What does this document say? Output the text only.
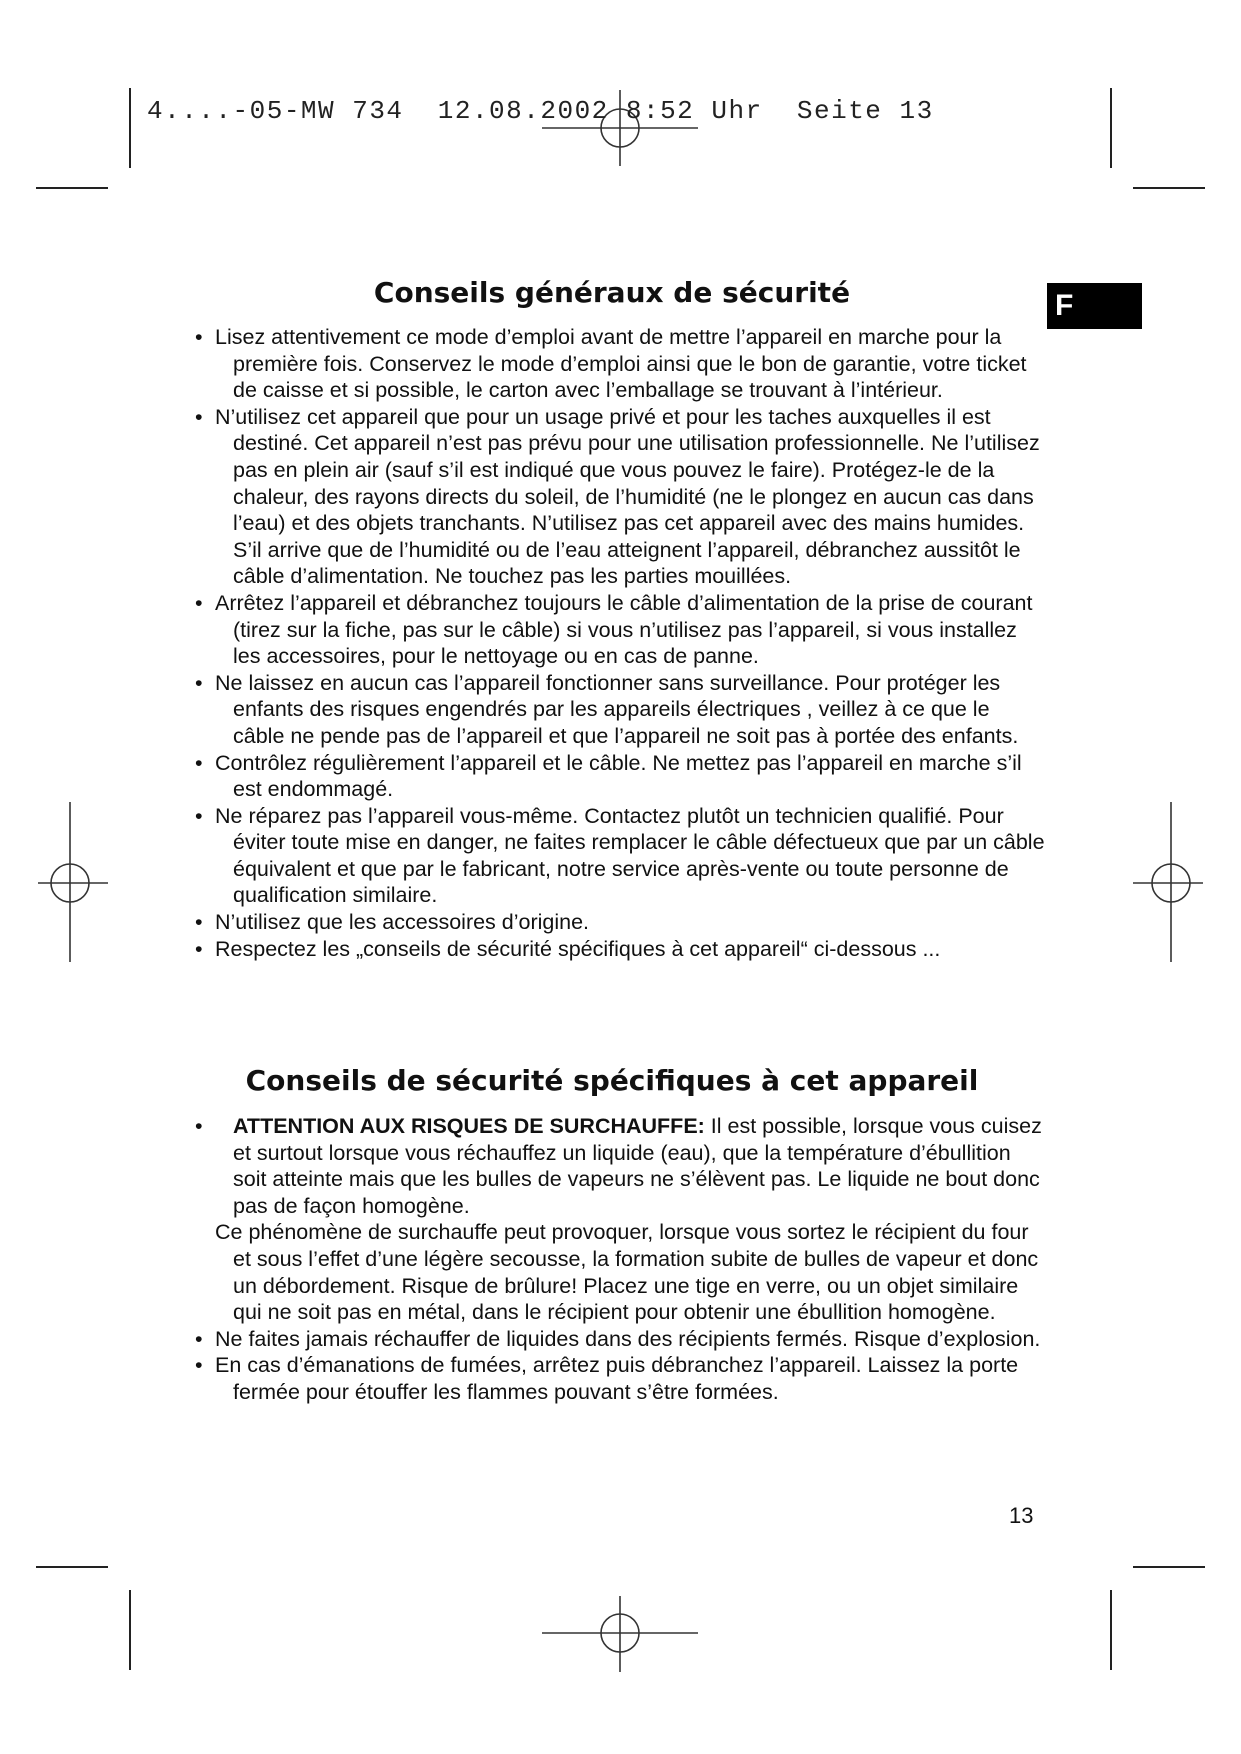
4....-05-MW 734  12.08.2002 8:52 Uhr  Seite 13
F
Conseils généraux de sécurité
• Lisez attentivement ce mode d’emploi avant de mettre l’appareil en marche pour la première fois. Conservez le mode d’emploi ainsi que le bon de garantie, votre ticket de caisse et si possible, le carton avec l’emballage se trouvant à l’intérieur.
• N’utilisez cet appareil que pour un usage privé et pour les taches auxquelles il est destiné. Cet appareil n’est pas prévu pour une utilisation professionnelle. Ne l’utilisez pas en plein air (sauf s’il est indiqué que vous pouvez le faire). Protégez-le de la chaleur, des rayons directs du soleil, de l’humidité (ne le plongez en aucun cas dans l’eau) et des objets tranchants. N’utilisez pas cet appareil avec des mains humides. S’il arrive que de l’humidité ou de l’eau atteignent l’appareil, débranchez aussitôt le câble d’alimentation. Ne touchez pas les parties mouillées.
• Arrêtez l’appareil et débranchez toujours le câble d’alimentation de la prise de courant (tirez sur la fiche, pas sur le câble) si vous n’utilisez pas l’appareil, si vous installez les accessoires, pour le nettoyage ou en cas de panne.
• Ne laissez en aucun cas l’appareil fonctionner sans surveillance. Pour protéger les enfants des risques engendrés par les appareils électriques , veillez à ce que le câble ne pende pas de l’appareil et que l’appareil ne soit pas à portée des enfants.
• Contrôlez régulièrement l’appareil et le câble. Ne mettez pas l’appareil en marche s’il est endommagé.
• Ne réparez pas l’appareil vous-même. Contactez plutôt un technicien qualifié. Pour éviter toute mise en danger, ne faites remplacer le câble défectueux que par un câble équivalent et que par le fabricant, notre service après-vente ou toute personne de qualification similaire.
• N’utilisez que les accessoires d’origine.
• Respectez les „conseils de sécurité spécifiques à cet appareil“ ci-dessous ...
Conseils de sécurité spécifiques à cet appareil
• ATTENTION AUX RISQUES DE SURCHAUFFE: Il est possible, lorsque vous cuisez et surtout lorsque vous réchauffez un liquide (eau), que la température d’ébullition soit atteinte mais que les bulles de vapeurs ne s’élèvent pas. Le liquide ne bout donc pas de façon homogène.
Ce phénomène de surchauffe peut provoquer, lorsque vous sortez le récipient du four et sous l’effet d’une légère secousse, la formation subite de bulles de vapeur et donc un débordement. Risque de brûlure! Placez une tige en verre, ou un objet similaire qui ne soit pas en métal, dans le récipient pour obtenir une ébullition homogène.
• Ne faites jamais réchauffer de liquides dans des récipients fermés. Risque d’explosion.
• En cas d’émanations de fumées, arrêtez puis débranchez l’appareil. Laissez la porte fermée pour étouffer les flammes pouvant s’être formées.
13
